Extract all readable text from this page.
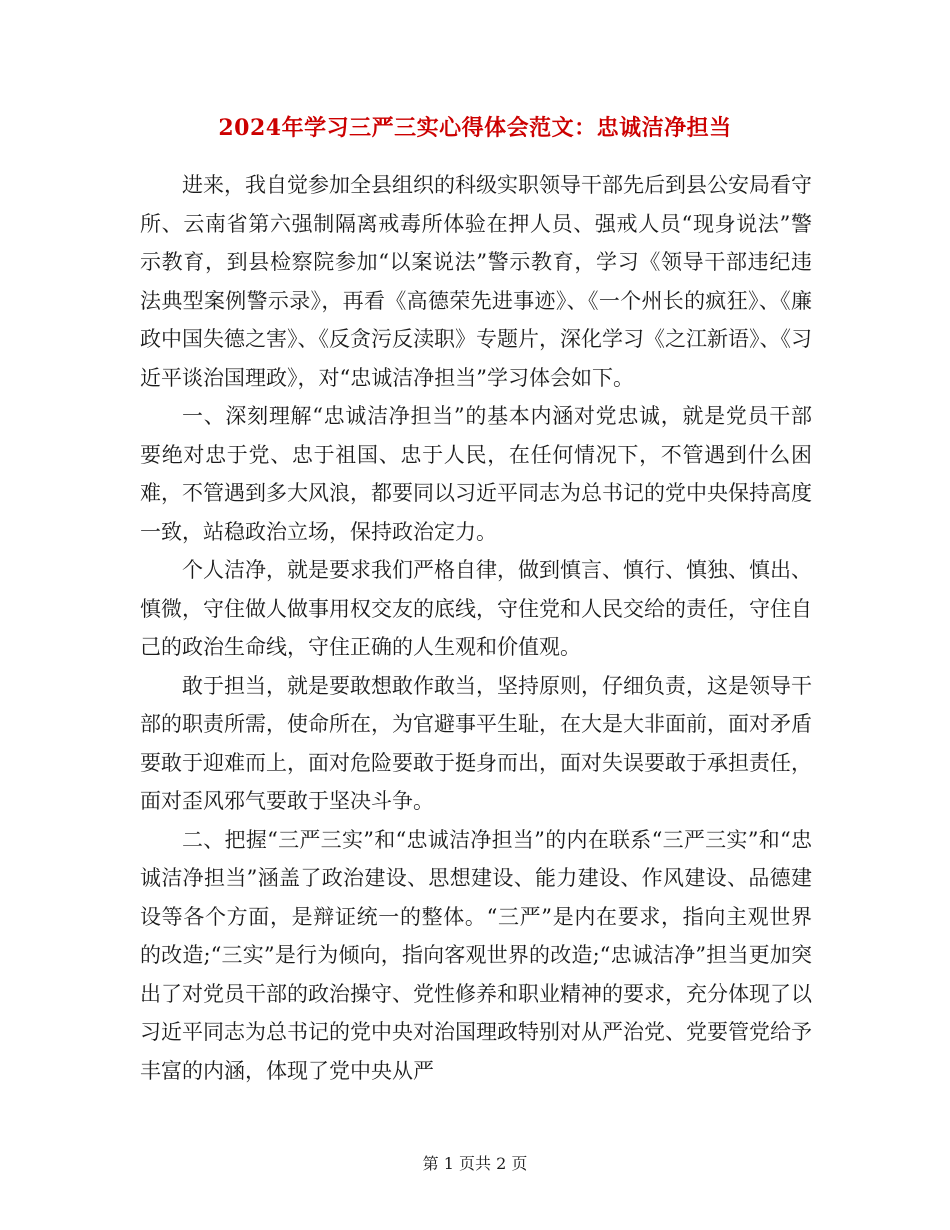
2024年学习三严三实心得体会范文：忠诚洁净担当

进来，我自觉参加全县组织的科级实职领导干部先后到县公安局看守所、云南省第六强制隔离戒毒所体验在押人员、强戒人员“现身说法”警示教育，到县检察院参加“以案说法”警示教育，学习《领导干部违纪违法典型案例警示录》，再看《高德荣先进事迹》、《一个州长的疯狂》、《廉政中国失德之害》、《反贪污反渎职》专题片，深化学习《之江新语》、《习近平谈治国理政》，对“忠诚洁净担当”学习体会如下。

一、深刻理解“忠诚洁净担当”的基本内涵对党忠诚，就是党员干部要绝对忠于党、忠于祖国、忠于人民，在任何情况下，不管遇到什么困难，不管遇到多大风浪，都要同以习近平同志为总书记的党中央保持高度一致，站稳政治立场，保持政治定力。

个人洁净，就是要求我们严格自律，做到慎言、慎行、慎独、慎出、慎微，守住做人做事用权交友的底线，守住党和人民交给的责任，守住自己的政治生命线，守住正确的人生观和价值观。

敢于担当，就是要敢想敢作敢当，坚持原则，仔细负责，这是领导干部的职责所需，使命所在，为官避事平生耻，在大是大非面前，面对矛盾要敢于迎难而上，面对危险要敢于挺身而出，面对失误要敢于承担责任，面对歪风邪气要敢于坚决斗争。

二、把握“三严三实”和“忠诚洁净担当”的内在联系“三严三实”和“忠诚洁净担当”涵盖了政治建设、思想建设、能力建设、作风建设、品德建设等各个方面，是辩证统一的整体。“三严”是内在要求，指向主观世界的改造;“三实”是行为倾向，指向客观世界的改造;“忠诚洁净”担当更加突出了对党员干部的政治操守、党性修养和职业精神的要求，充分体现了以习近平同志为总书记的党中央对治国理政特别对从严治党、党要管党给予丰富的内涵，体现了党中央从严

第 1 页共 2 页
